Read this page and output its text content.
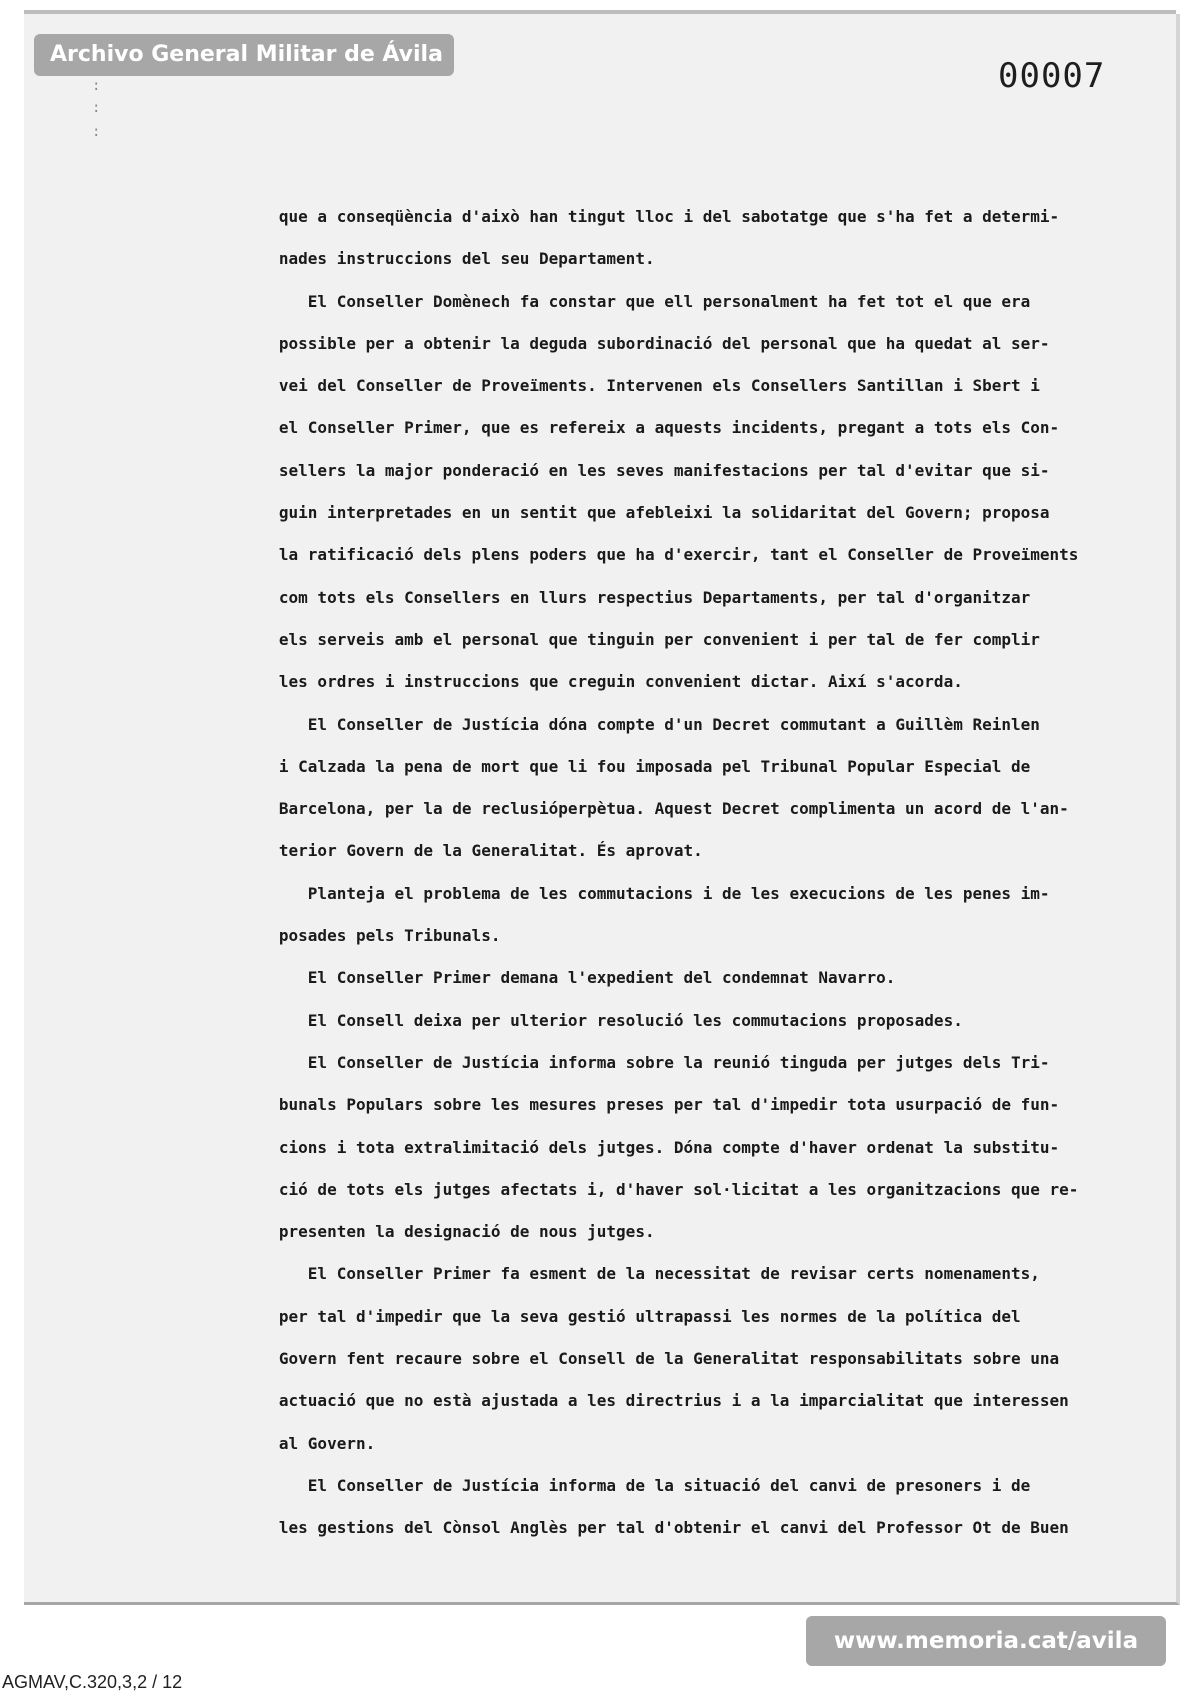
:
:
:
Archivo General Militar de Ávila
00007
que a conseqüència d'això han tingut lloc i del sabotatge que s'ha fet a determi-
nades instruccions del seu Departament.
El Conseller Domènech fa constar que ell personalment ha fet tot el que era
possible per a obtenir la deguda subordinació del personal que ha quedat al ser-
vei del Conseller de Proveïments. Intervenen els Consellers Santillan i Sbert i
el Conseller Primer, que es refereix a aquests incidents, pregant a tots els Con-
sellers la major ponderació en les seves manifestacions per tal d'evitar que si-
guin interpretades en un sentit que afebleixi la solidaritat del Govern; proposa
la ratificació dels plens poders que ha d'exercir, tant el Conseller de Proveïments
com tots els Consellers en llurs respectius Departaments, per tal d'organitzar
els serveis amb el personal que tinguin per convenient i per tal de fer complir
les ordres i instruccions que creguin convenient dictar. Així s'acorda.
El Conseller de Justícia dóna compte d'un Decret commutant a Guillèm Reinlen
i Calzada la pena de mort que li fou imposada pel Tribunal Popular Especial de
Barcelona, per la de reclusióperpètua. Aquest Decret complimenta un acord de l'an-
terior Govern de la Generalitat. És aprovat.
Planteja el problema de les commutacions i de les execucions de les penes im-
posades pels Tribunals.
El Conseller Primer demana l'expedient del condemnat Navarro.
El Consell deixa per ulterior resolució les commutacions proposades.
El Conseller de Justícia informa sobre la reunió tinguda per jutges dels Tri-
bunals Populars sobre les mesures preses per tal d'impedir tota usurpació de fun-
cions i tota extralimitació dels jutges. Dóna compte d'haver ordenat la substitu-
ció de tots els jutges afectats i, d'haver sol·licitat a les organitzacions que re-
presenten la designació de nous jutges.
El Conseller Primer fa esment de la necessitat de revisar certs nomenaments,
per tal d'impedir que la seva gestió ultrapassi les normes de la política del
Govern fent recaure sobre el Consell de la Generalitat responsabilitats sobre una
actuació que no està ajustada a les directrius i a la imparcialitat que interessen
al Govern.
El Conseller de Justícia informa de la situació del canvi de presoners i de
les gestions del Cònsol Anglès per tal d'obtenir el canvi del Professor Ot de Buen
www.memoria.cat/avila
AGMAV,C.320,3,2 / 12
